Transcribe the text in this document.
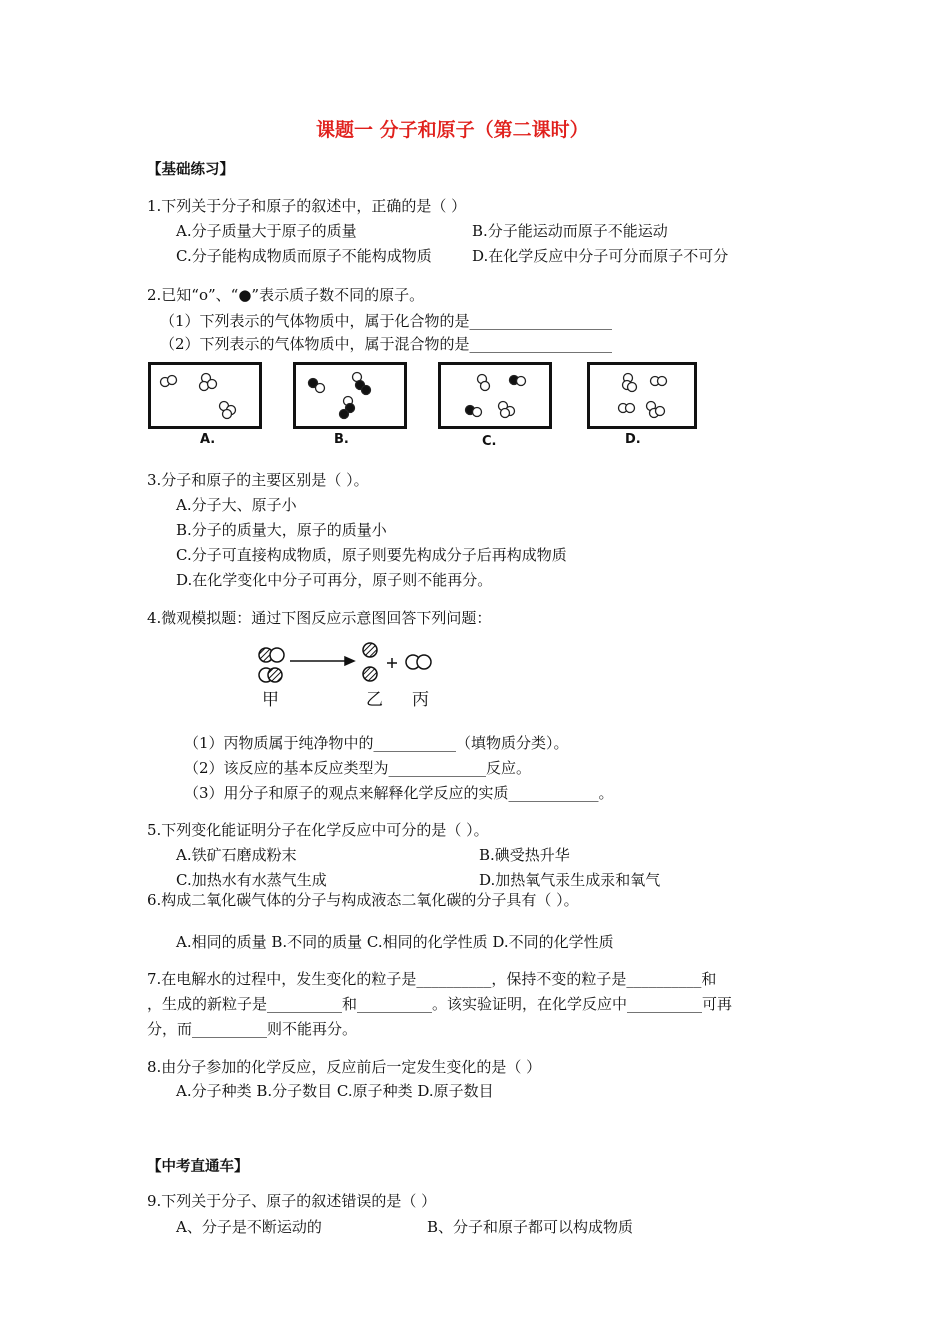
课题一 分子和原子（第二课时）
【基础练习】
1.下列关于分子和原子的叙述中，正确的是（ ）
A.分子质量大于原子的质量	B.分子能运动而原子不能运动
C.分子能构成物质而原子不能构成物质	D.在化学反应中分子可分而原子不可分
2.已知“o”、“●”表示质子数不同的原子。
（1）下列表示的气体物质中，属于化合物的是___________________
（2）下列表示的气体物质中，属于混合物的是___________________
A.	B.	C.	D.
3.分子和原子的主要区别是（ ）。
A.分子大、原子小
B.分子的质量大，原子的质量小
C.分子可直接构成物质，原子则要先构成分子后再构成物质
D.在化学变化中分子可再分，原子则不能再分。
4.微观模拟题：通过下图反应示意图回答下列问题：
甲	乙 丙
（1）丙物质属于纯净物中的___________（填物质分类）。
（2）该反应的基本反应类型为_____________反应。
（3）用分子和原子的观点来解释化学反应的实质____________。
5.下列变化能证明分子在化学反应中可分的是（ ）。
A.铁矿石磨成粉末	B.碘受热升华
C.加热水有水蒸气生成	D.加热氧气汞生成汞和氧气
6.构成二氧化碳气体的分子与构成液态二氧化碳的分子具有（ ）。
A.相同的质量 B.不同的质量 C.相同的化学性质 D.不同的化学性质
7.在电解水的过程中，发生变化的粒子是__________，保持不变的粒子是__________和
，生成的新粒子是__________和__________。该实验证明，在化学反应中__________可再
分，而__________则不能再分。
8.由分子参加的化学反应，反应前后一定发生变化的是（ ）
A.分子种类 B.分子数目 C.原子种类 D.原子数目
【中考直通车】
9.下列关于分子、原子的叙述错误的是（ ）
A、分子是不断运动的	B、分子和原子都可以构成物质
